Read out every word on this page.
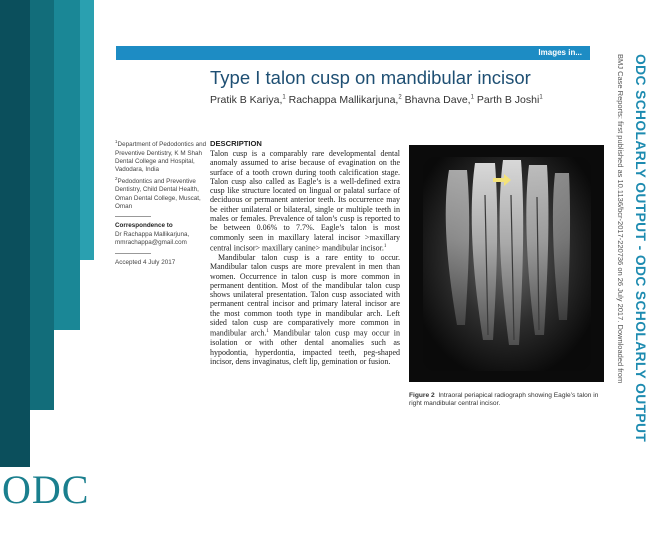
ODC
Images in...
Type I talon cusp on mandibular incisor
Pratik B Kariya,$^1$ Rachappa Mallikarjuna,$^2$ Bhavna Dave,$^1$ Parth B Joshi$^1$

$^1$Department of Pedodontics and Preventive Dentistry, K M Shah Dental College and Hospital, Vadodara, India

$^2$Pedodontics and Preventive Dentistry, Child Dental Health, Oman Dental College, Muscat, Oman

Correspondence to

Dr Rachappa Mallikarjuna,

mmrachappa@gmail.com

Accepted 4 July 2017

DESCRIPTION

Talon cusp is a comparably rare developmental dental anomaly assumed to arise because of evagination on the surface of a tooth crown during tooth calcification stage. Talon cusp also called as Eagle’s is a well-defined extra cusp like structure located on lingual or palatal surface of deciduous or permanent anterior teeth. Its occurrence may be either unilateral or bilateral, single or multiple teeth in males or females. Prevalence of talon’s cusp is reported to be between 0.06% to 7.7%. Eagle’s talon is most commonly seen in maxillary lateral incisor >maxillary central incisor> maxillary canine> mandibular incisor.$^1$

Mandibular talon cusp is a rare entity to occur. Mandibular talon cusps are more prevalent in men than women. Occurrence in talon cusp is more common in permanent dentition. Most of the mandibular talon cusp shows unilateral presentation. Talon cusp associated with permanent central incisor and primary lateral incisor are the most common tooth type in mandibular arch. Left sided talon cusp are comparatively more common in mandibular arch.$^1$ Mandibular talon cusp may occur in isolation or with other dental anomalies such as hypodontia, hyperdontia, impacted teeth, peg-shaped incisor, dens invaginatus, cleft lip, gemination or fusion.

Figure 2 Intraoral periapical radiograph showing Eagle’s talon in right mandibular central incisor.
BMJ Case Reports: first published as 10.1136/bcr-2017-220736 on 26 July 2017. Downloaded from ODC SCHOLARLY OUTPUT - ODC SCHOLARLY OUTPUT
